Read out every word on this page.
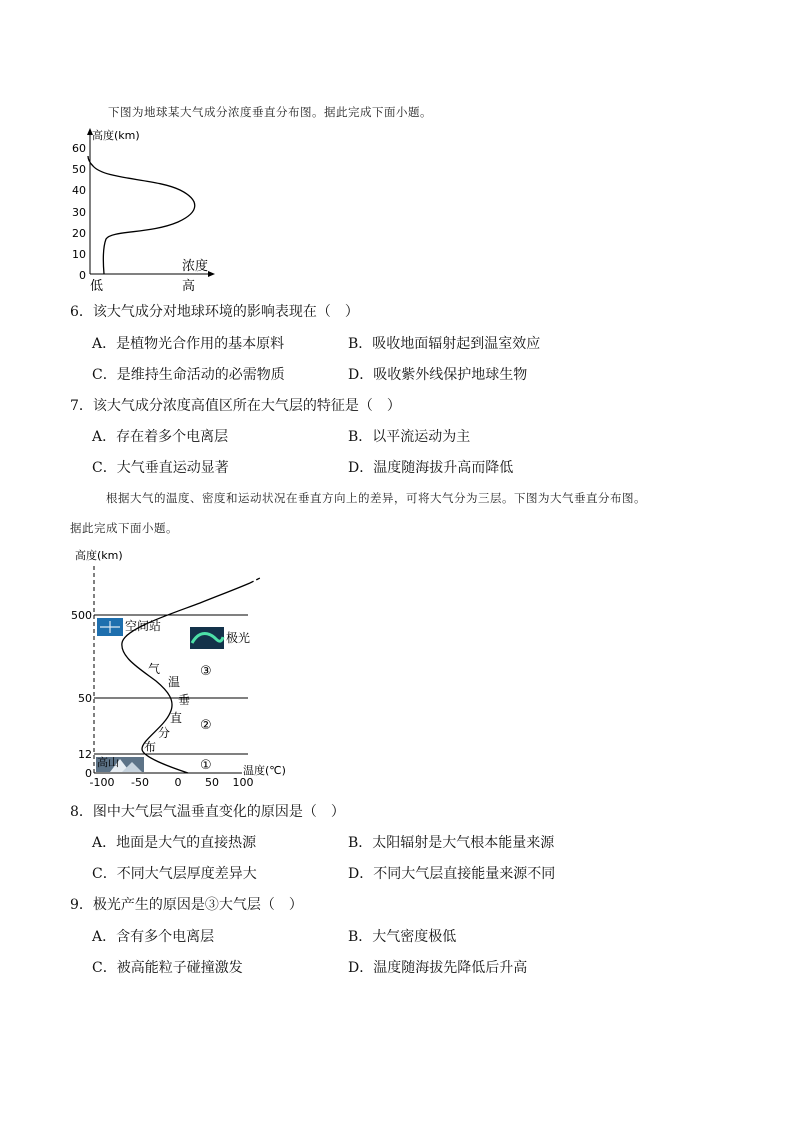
下图为地球某大气成分浓度垂直分布图。据此完成下面小题。
高度(km)
60
50
40
30
20
10
0
浓度
低	高
6．该大气成分对地球环境的影响表现在（　）
A．是植物光合作用的基本原料	B．吸收地面辐射起到温室效应
C．是维持生命活动的必需物质	D．吸收紫外线保护地球生物
7．该大气成分浓度高值区所在大气层的特征是（　）
A．存在着多个电离层	B．以平流运动为主
C．大气垂直运动显著	D．温度随海拔升高而降低
根据大气的温度、密度和运动状况在垂直方向上的差异，可将大气分为三层。下图为大气垂直分布图。
据此完成下面小题。
高度(km)
500
50
12
0
-100 -50 0 50 100
温度(℃)
气
温
垂
直
分
布
③
②
①
空间站
极光
高山
8．图中大气层气温垂直变化的原因是（　）
A．地面是大气的直接热源	B．太阳辐射是大气根本能量来源
C．不同大气层厚度差异大	D．不同大气层直接能量来源不同
9．极光产生的原因是③大气层（　）
A．含有多个电离层	B．大气密度极低
C．被高能粒子碰撞激发	D．温度随海拔先降低后升高
